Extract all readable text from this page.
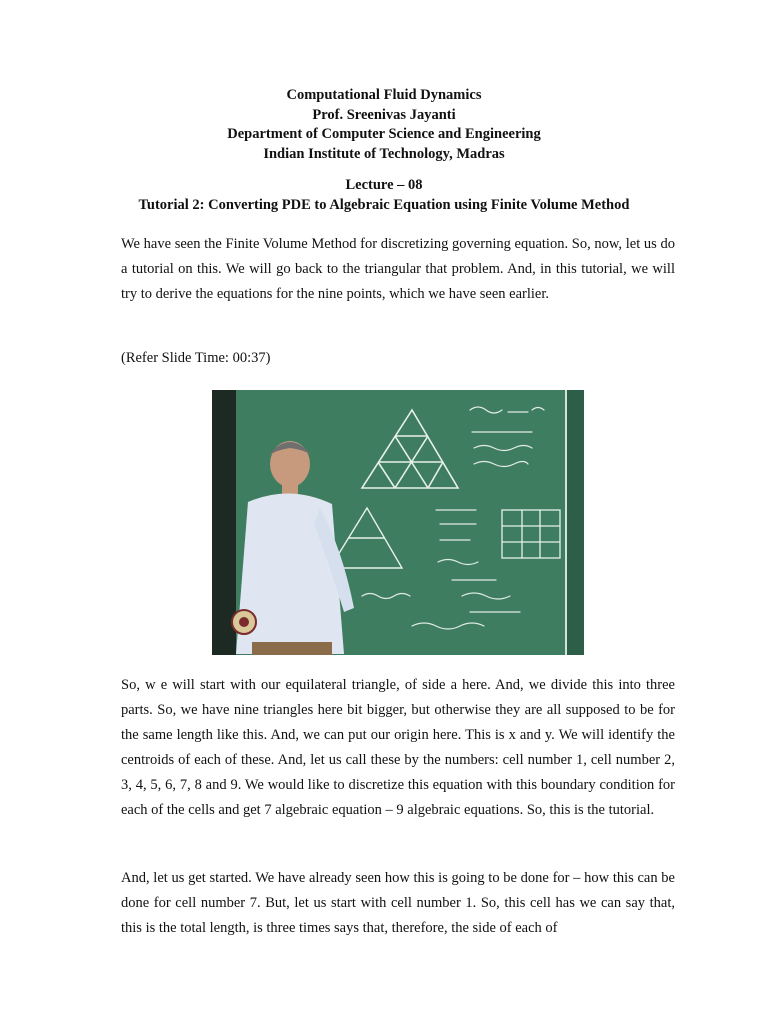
Computational Fluid Dynamics
Prof. Sreenivas Jayanti
Department of Computer Science and Engineering
Indian Institute of Technology, Madras
Lecture – 08
Tutorial 2: Converting PDE to Algebraic Equation using Finite Volume Method

We have seen the Finite Volume Method for discretizing governing equation. So, now, let us do a tutorial on this. We will go back to the triangular that problem. And, in this tutorial, we will try to derive the equations for the nine points, which we have seen earlier.

(Refer Slide Time: 00:37)

So, w e will start with our equilateral triangle, of side a here. And, we divide this into three parts. So, we have nine triangles here bit bigger, but otherwise they are all supposed to be for the same length like this. And, we can put our origin here. This is x and y. We will identify the centroids of each of these. And, let us call these by the numbers: cell number 1, cell number 2, 3, 4, 5, 6, 7, 8 and 9. We would like to discretize this equation with this boundary condition for each of the cells and get 7 algebraic equation – 9 algebraic equations. So, this is the tutorial.

And, let us get started. We have already seen how this is going to be done for – how this can be done for cell number 7. But, let us start with cell number 1. So, this cell has we can say that, this is the total length, is three times says that, therefore, the side of each of
